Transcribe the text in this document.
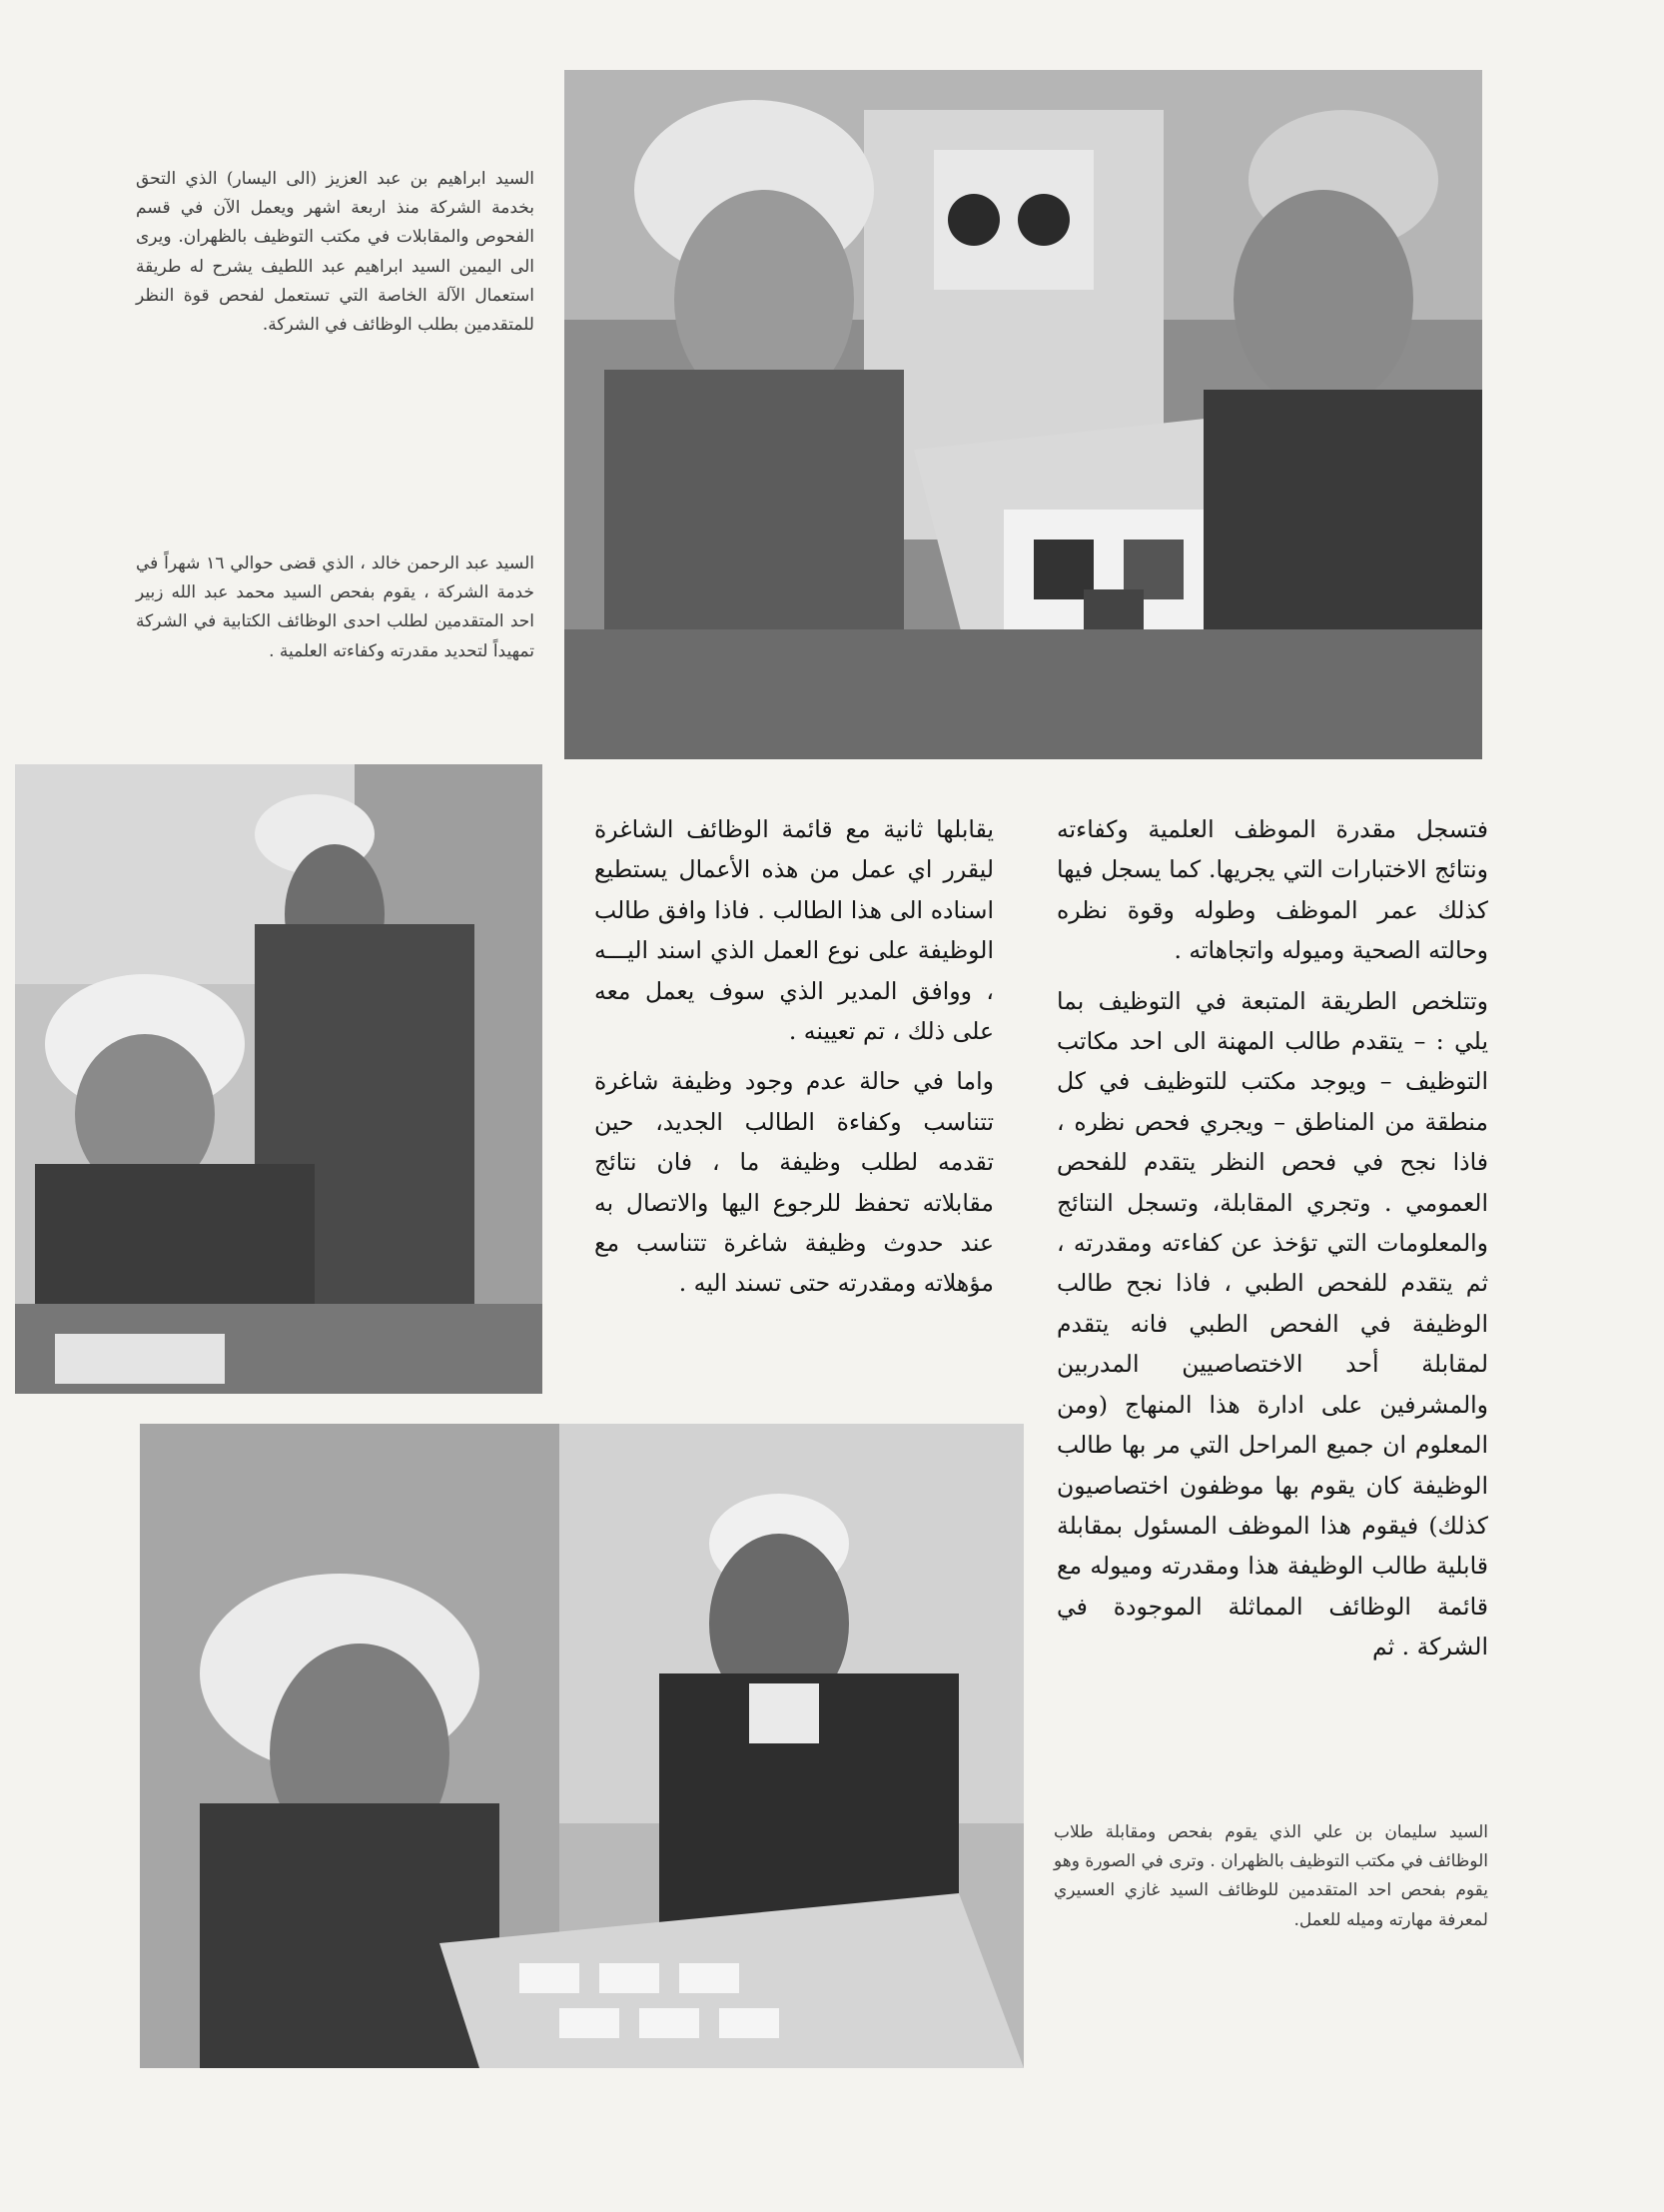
السيد ابراهيم بن عبد العزيز (الى اليسار) الذي التحق بخدمة الشركة منذ اربعة اشهر ويعمل الآن في قسم الفحوص والمقابلات في مكتب التوظيف بالظهران. ويرى الى اليمين السيد ابراهيم عبد اللطيف يشرح له طريقة استعمال الآلة الخاصة التي تستعمل لفحص قوة النظر للمتقدمين بطلب الوظائف في الشركة.
السيد عبد الرحمن خالد ، الذي قضى حوالي ١٦ شهراً في خدمة الشركة ، يقوم بفحص السيد محمد عبد الله زبير احد المتقدمين لطلب احدى الوظائف الكتابية في الشركة تمهيداً لتحديد مقدرته وكفاءته العلمية .

يقابلها ثانية مع قائمة الوظائف الشاغرة ليقرر اي عمل من هذه الأعمال يستطيع اسناده الى هذا الطالب . فاذا وافق طالب الوظيفة على نوع العمل الذي اسند اليـــه ، ووافق المدير الذي سوف يعمل معه على ذلك ، تم تعيينه .

واما في حالة عدم وجود وظيفة شاغرة تتناسب وكفاءة الطالب الجديد، حين تقدمه لطلب وظيفة ما ، فان نتائج مقابلاته تحفظ للرجوع اليها والاتصال به عند حدوث وظيفة شاغرة تتناسب مع مؤهلاته ومقدرته حتى تسند اليه .

فتسجل مقدرة الموظف العلمية وكفاءته ونتائج الاختبارات التي يجريها. كما يسجل فيها كذلك عمر الموظف وطوله وقوة نظره وحالته الصحية وميوله واتجاهاته .

وتتلخص الطريقة المتبعة في التوظيف بما يلي : – يتقدم طالب المهنة الى احد مكاتب التوظيف – ويوجد مكتب للتوظيف في كل منطقة من المناطق – ويجري فحص نظره ، فاذا نجح في فحص النظر يتقدم للفحص العمومي . وتجري المقابلة، وتسجل النتائج والمعلومات التي تؤخذ عن كفاءته ومقدرته ، ثم يتقدم للفحص الطبي ، فاذا نجح طالب الوظيفة في الفحص الطبي فانه يتقدم لمقابلة أحد الاختصاصيين المدربين والمشرفين على ادارة هذا المنهاج (ومن المعلوم ان جميع المراحل التي مر بها طالب الوظيفة كان يقوم بها موظفون اختصاصيون كذلك) فيقوم هذا الموظف المسئول بمقابلة قابلية طالب الوظيفة هذا ومقدرته وميوله مع قائمة الوظائف المماثلة الموجودة في الشركة . ثم

السيد سليمان بن علي الذي يقوم بفحص ومقابلة طلاب الوظائف في مكتب التوظيف بالظهران . وترى في الصورة وهو يقوم بفحص احد المتقدمين للوظائف السيد غازي العسيري لمعرفة مهارته وميله للعمل.
